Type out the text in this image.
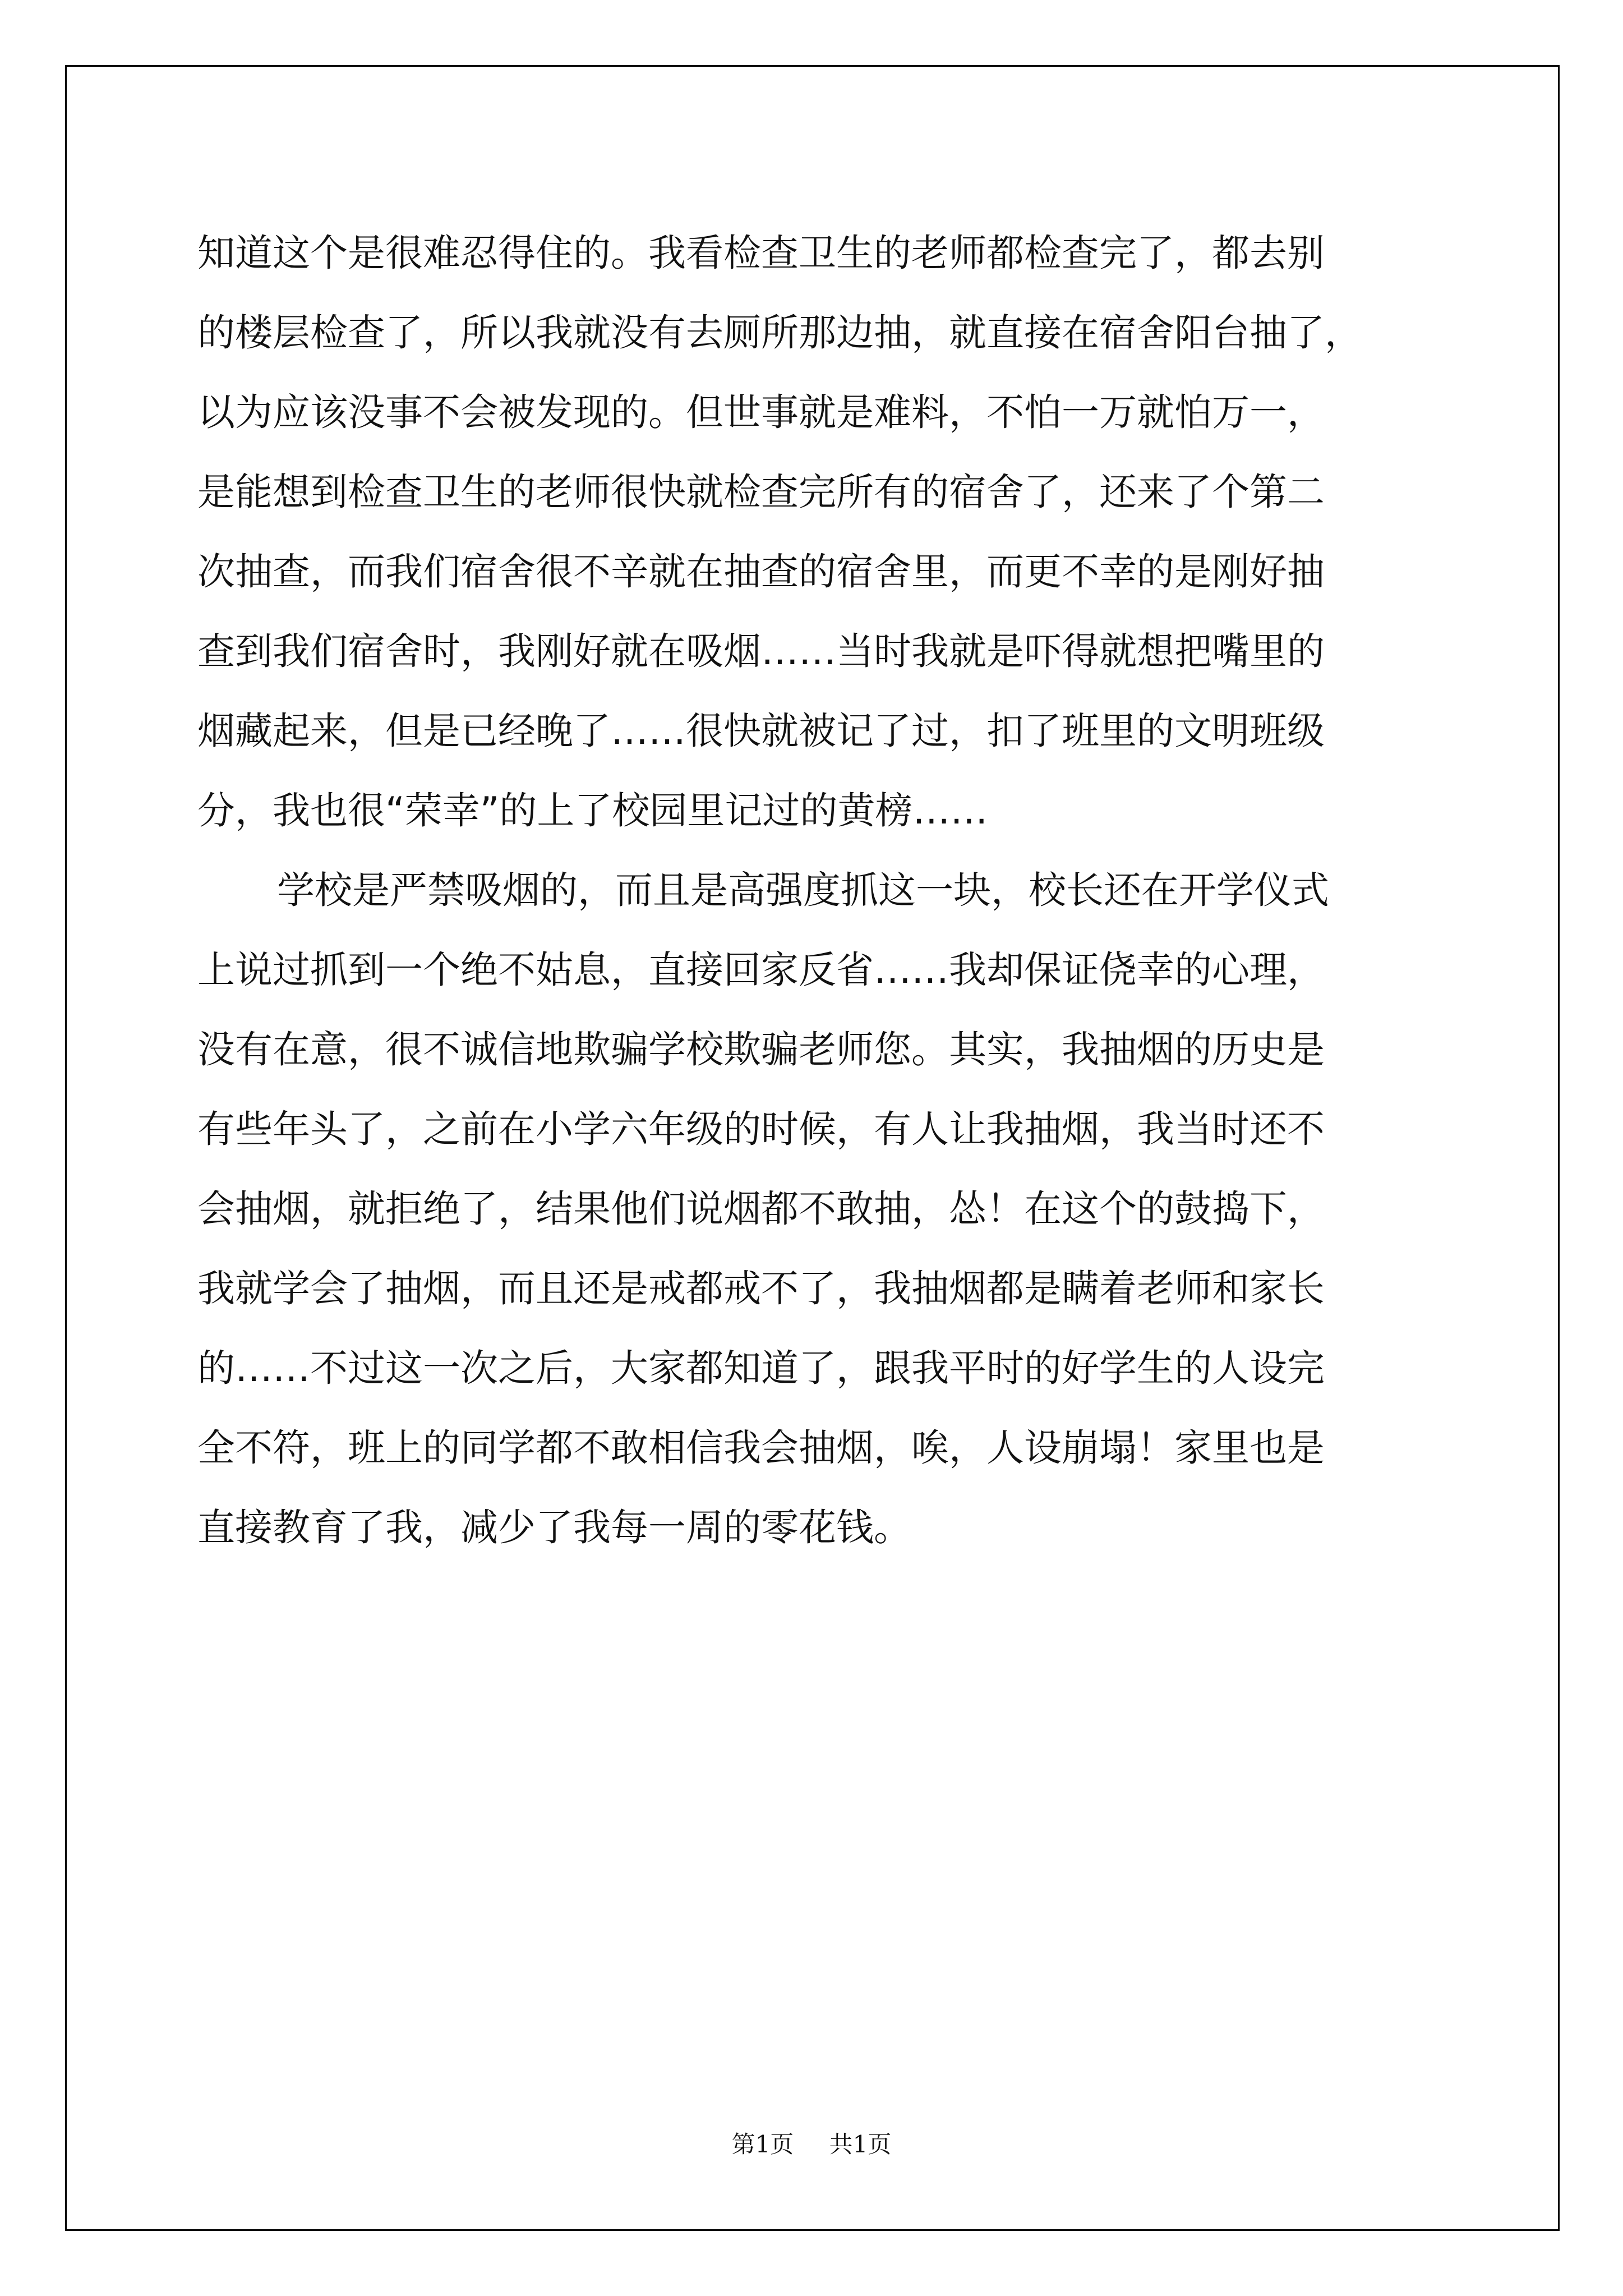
知道这个是很难忍得住的。我看检查卫生的老师都检查完了，都去别
的楼层检查了，所以我就没有去厕所那边抽，就直接在宿舍阳台抽了，
以为应该没事不会被发现的。但世事就是难料，不怕一万就怕万一，
是能想到检查卫生的老师很快就检查完所有的宿舍了，还来了个第二
次抽查，而我们宿舍很不辛就在抽查的宿舍里，而更不幸的是刚好抽
查到我们宿舍时，我刚好就在吸烟……当时我就是吓得就想把嘴里的
烟藏起来，但是已经晚了……很快就被记了过，扣了班里的文明班级
分，我也很“荣幸”的上了校园里记过的黄榜……

学校是严禁吸烟的，而且是高强度抓这一块，校长还在开学仪式
上说过抓到一个绝不姑息，直接回家反省……我却保证侥幸的心理，
没有在意，很不诚信地欺骗学校欺骗老师您。其实，我抽烟的历史是
有些年头了，之前在小学六年级的时候，有人让我抽烟，我当时还不
会抽烟，就拒绝了，结果他们说烟都不敢抽，怂！在这个的鼓捣下，
我就学会了抽烟，而且还是戒都戒不了，我抽烟都是瞒着老师和家长
的……不过这一次之后，大家都知道了，跟我平时的好学生的人设完
全不符，班上的同学都不敢相信我会抽烟，唉，人设崩塌！家里也是
直接教育了我，减少了我每一周的零花钱。

第1页 共1页
